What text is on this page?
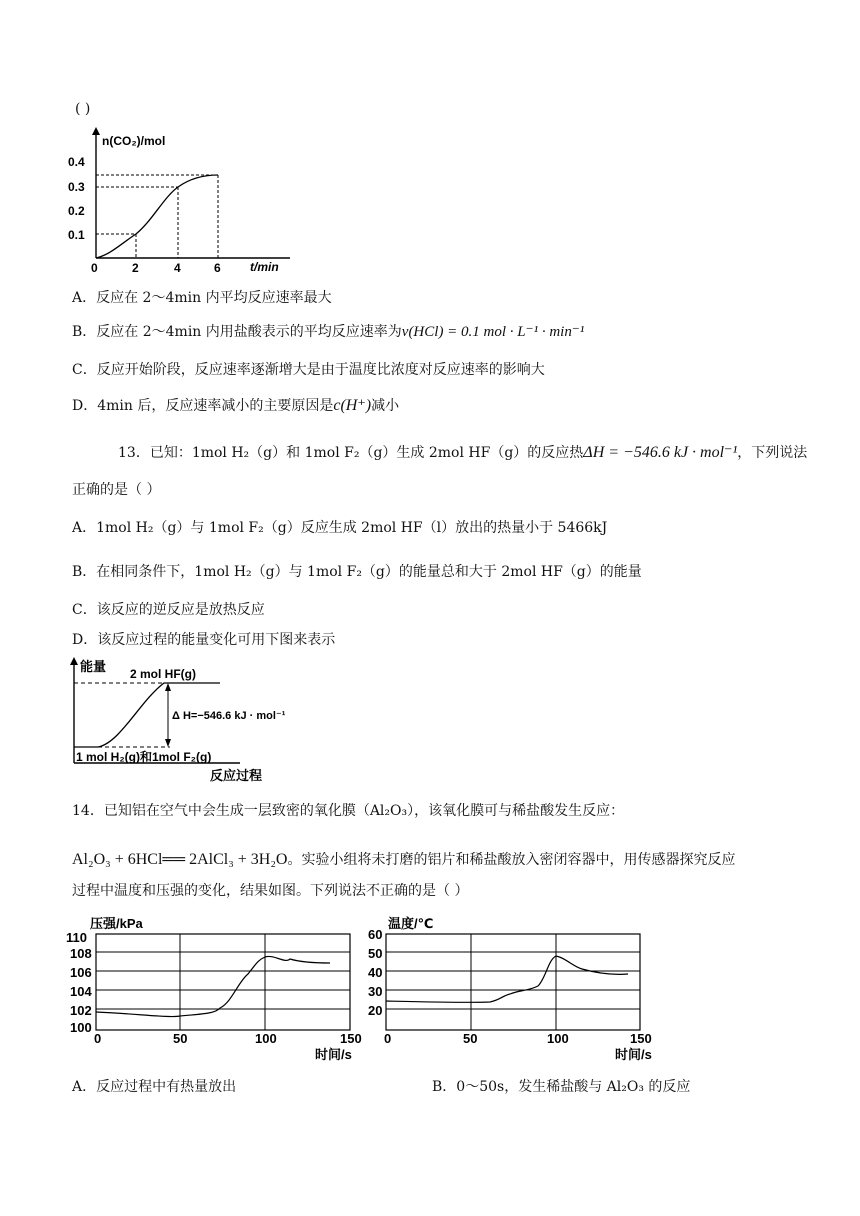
( )
n(CO₂)/mol
t/min
0.4
0.3
0.2
0.1
0	2	4	6
A．反应在 2～4min 内平均反应速率最大
B．反应在 2～4min 内用盐酸表示的平均反应速率为v(HCl) = 0.1 mol · L⁻¹ · min⁻¹
C．反应开始阶段，反应速率逐渐增大是由于温度比浓度对反应速率的影响大
D．4min 后，反应速率减小的主要原因是c(H⁺)减小
13．已知：1mol H₂（g）和 1mol F₂（g）生成 2mol HF（g）的反应热ΔH = −546.6 kJ · mol⁻¹，下列说法
正确的是（ ）
A．1mol H₂（g）与 1mol F₂（g）反应生成 2mol HF（l）放出的热量小于 5466kJ
B．在相同条件下，1mol H₂（g）与 1mol F₂（g）的能量总和大于 2mol HF（g）的能量
C．该反应的逆反应是放热反应
D．该反应过程的能量变化可用下图来表示
能量 2 mol HF(g)
Δ H=−546.6 kJ · mol⁻¹
1 mol H₂(g)和1mol F₂(g)
反应过程
14．已知铝在空气中会生成一层致密的氧化膜（Al₂O₃），该氧化膜可与稀盐酸发生反应：
Al₂O₃ + 6HCl══ 2AlCl₃ + 3H₂O。实验小组将未打磨的铝片和稀盐酸放入密闭容器中，用传感器探究反应
过程中温度和压强的变化，结果如图。下列说法不正确的是（ ）
压强/kPa
110
108
106
104
102
100
0	50	100	150
时间/s
温度/℃
60
50
40
30
20
0	50	100	150
时间/s
A．反应过程中有热量放出	B．0～50s，发生稀盐酸与 Al₂O₃ 的反应
